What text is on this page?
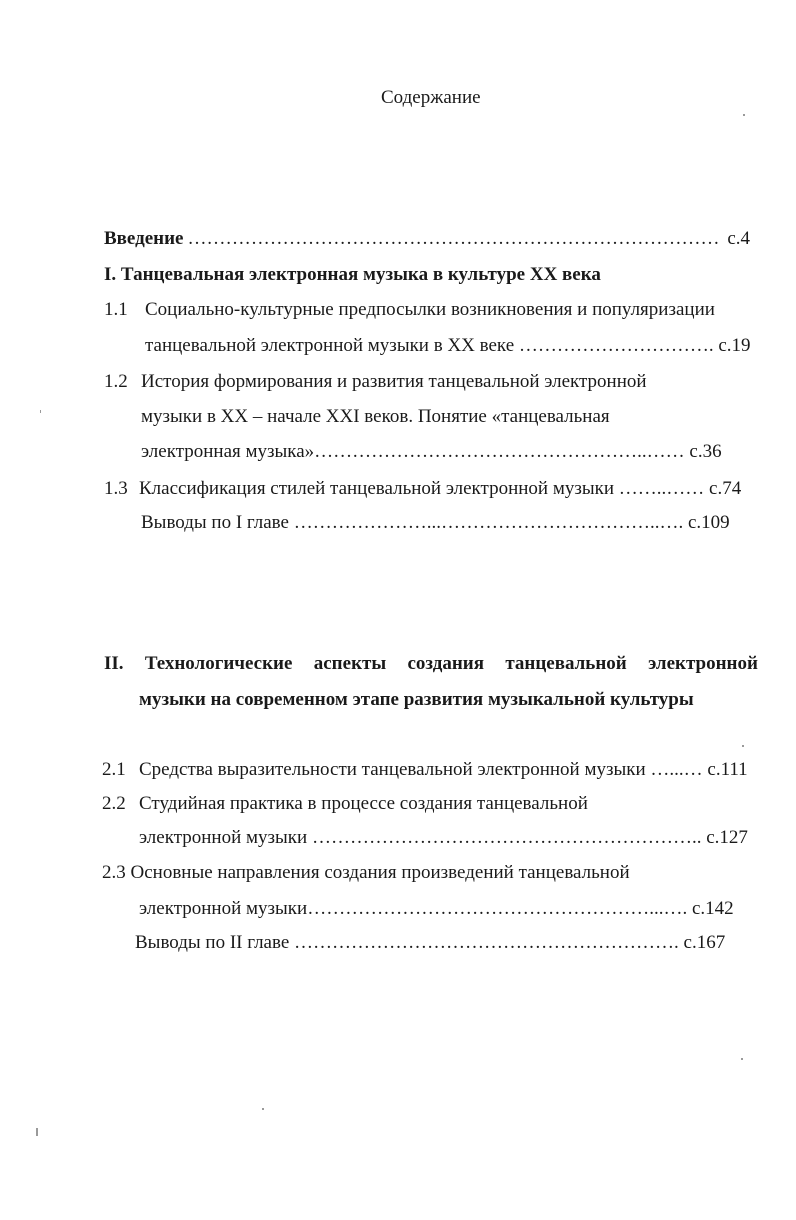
Содержание
Введение ………………………………………………………………………… с.4
I. Танцевальная электронная музыка в культуре XX века
1.1 Социально-культурные предпосылки возникновения и популяризации
танцевальной электронной музыки в XX веке …………………………. с.19
1.2 История формирования и развития танцевальной электронной
музыки в XX – начале XXI веков. Понятие «танцевальная
электронная музыка»……………………………………………..…… с.36
1.3 Классификация стилей танцевальной электронной музыки ……..…… с.74
Выводы по I главе …………………...……………………………..…. с.109
II. Технологические аспекты создания танцевальной электронной
музыки на современном этапе развития музыкальной культуры
2.1 Средства выразительности танцевальной электронной музыки …...… с.111
2.2 Студийная практика в процессе создания танцевальной
электронной музыки …………………………………………………….. с.127
2.3 Основные направления создания произведений танцевальной
электронной музыки………………………………………………...…. с.142
Выводы по II главе ……………………………………………………. с.167
